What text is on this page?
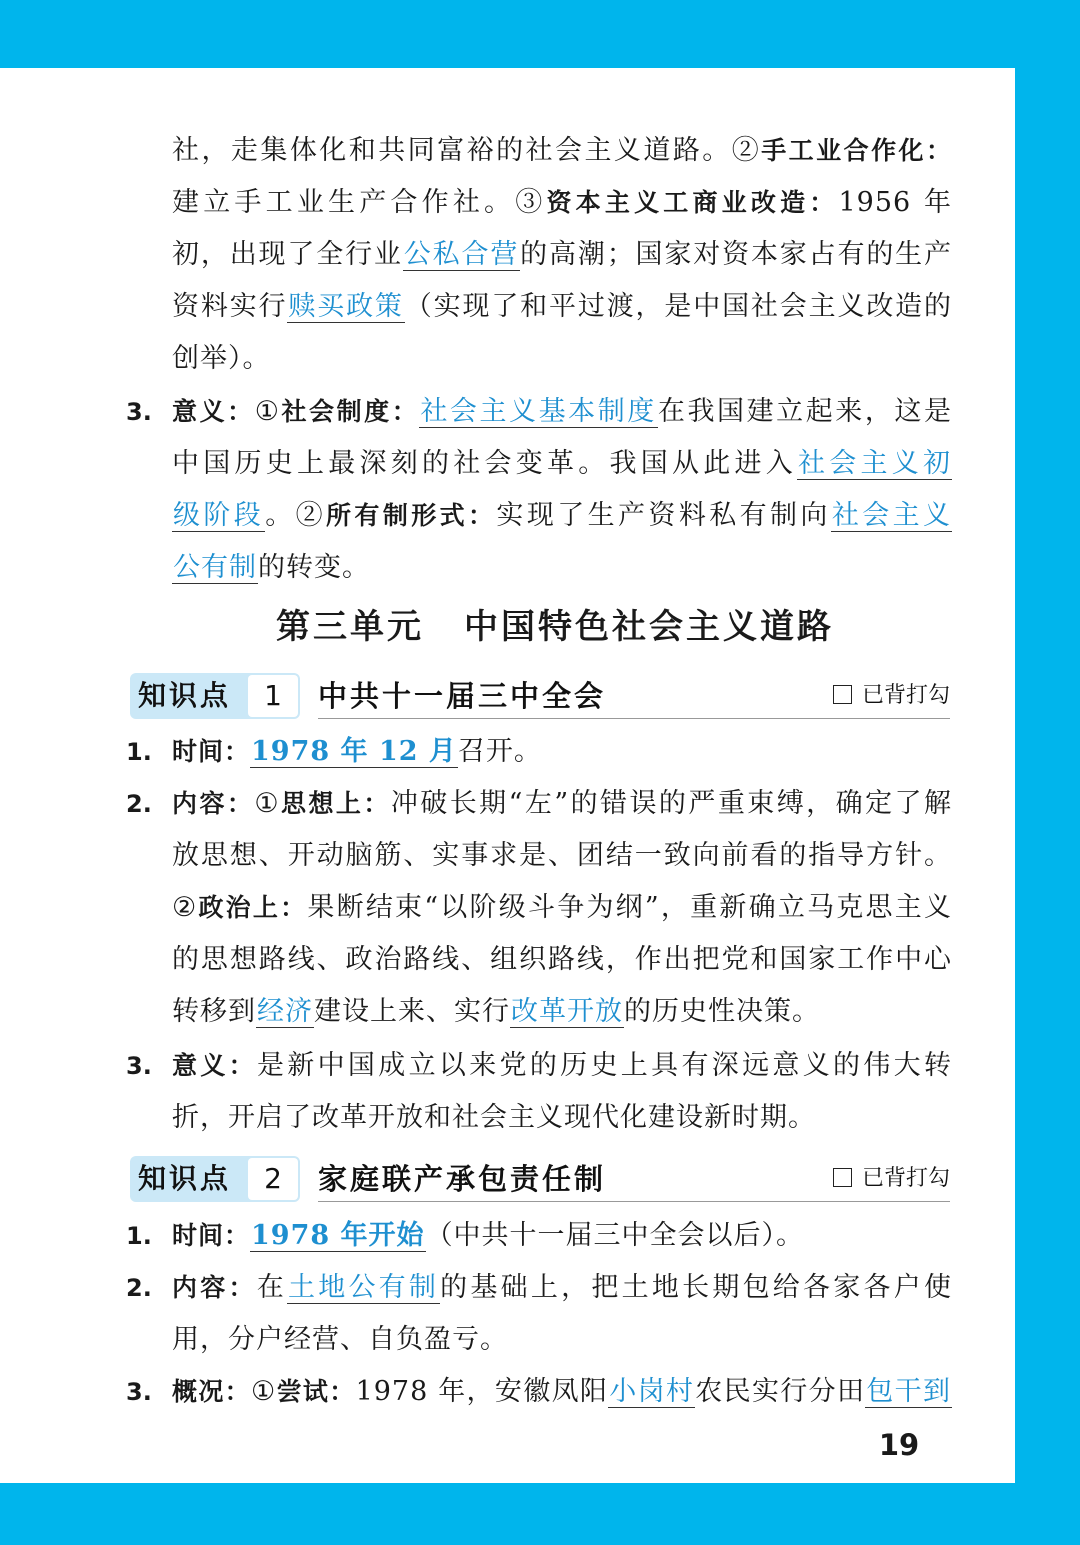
社，走集体化和共同富裕的社会主义道路。②手工业合作化：
建立手工业生产合作社。③资本主义工商业改造：1956 年
初，出现了全行业公私合营的高潮；国家对资本家占有的生产
资料实行赎买政策（实现了和平过渡，是中国社会主义改造的
创举）。
3. 意义：①社会制度：社会主义基本制度在我国建立起来，这是
中国历史上最深刻的社会变革。我国从此进入社会主义初
级阶段。②所有制形式：实现了生产资料私有制向社会主义
公有制的转变。
第三单元 中国特色社会主义道路
知识点	1	中共十一届三中全会	已背打勾
1. 时间：1978 年 12 月召开。
2. 内容：①思想上：冲破长期“左”的错误的严重束缚，确定了解
放思想、开动脑筋、实事求是、团结一致向前看的指导方针。
②政治上：果断结束“以阶级斗争为纲”，重新确立马克思主义
的思想路线、政治路线、组织路线，作出把党和国家工作中心
转移到经济建设上来、实行改革开放的历史性决策。
3. 意义：是新中国成立以来党的历史上具有深远意义的伟大转
折，开启了改革开放和社会主义现代化建设新时期。
知识点	2	家庭联产承包责任制	已背打勾
1. 时间：1978 年开始（中共十一届三中全会以后）。
2. 内容：在土地公有制的基础上，把土地长期包给各家各户使
用，分户经营、自负盈亏。
3. 概况：①尝试：1978 年，安徽凤阳小岗村农民实行分田包干到
19
